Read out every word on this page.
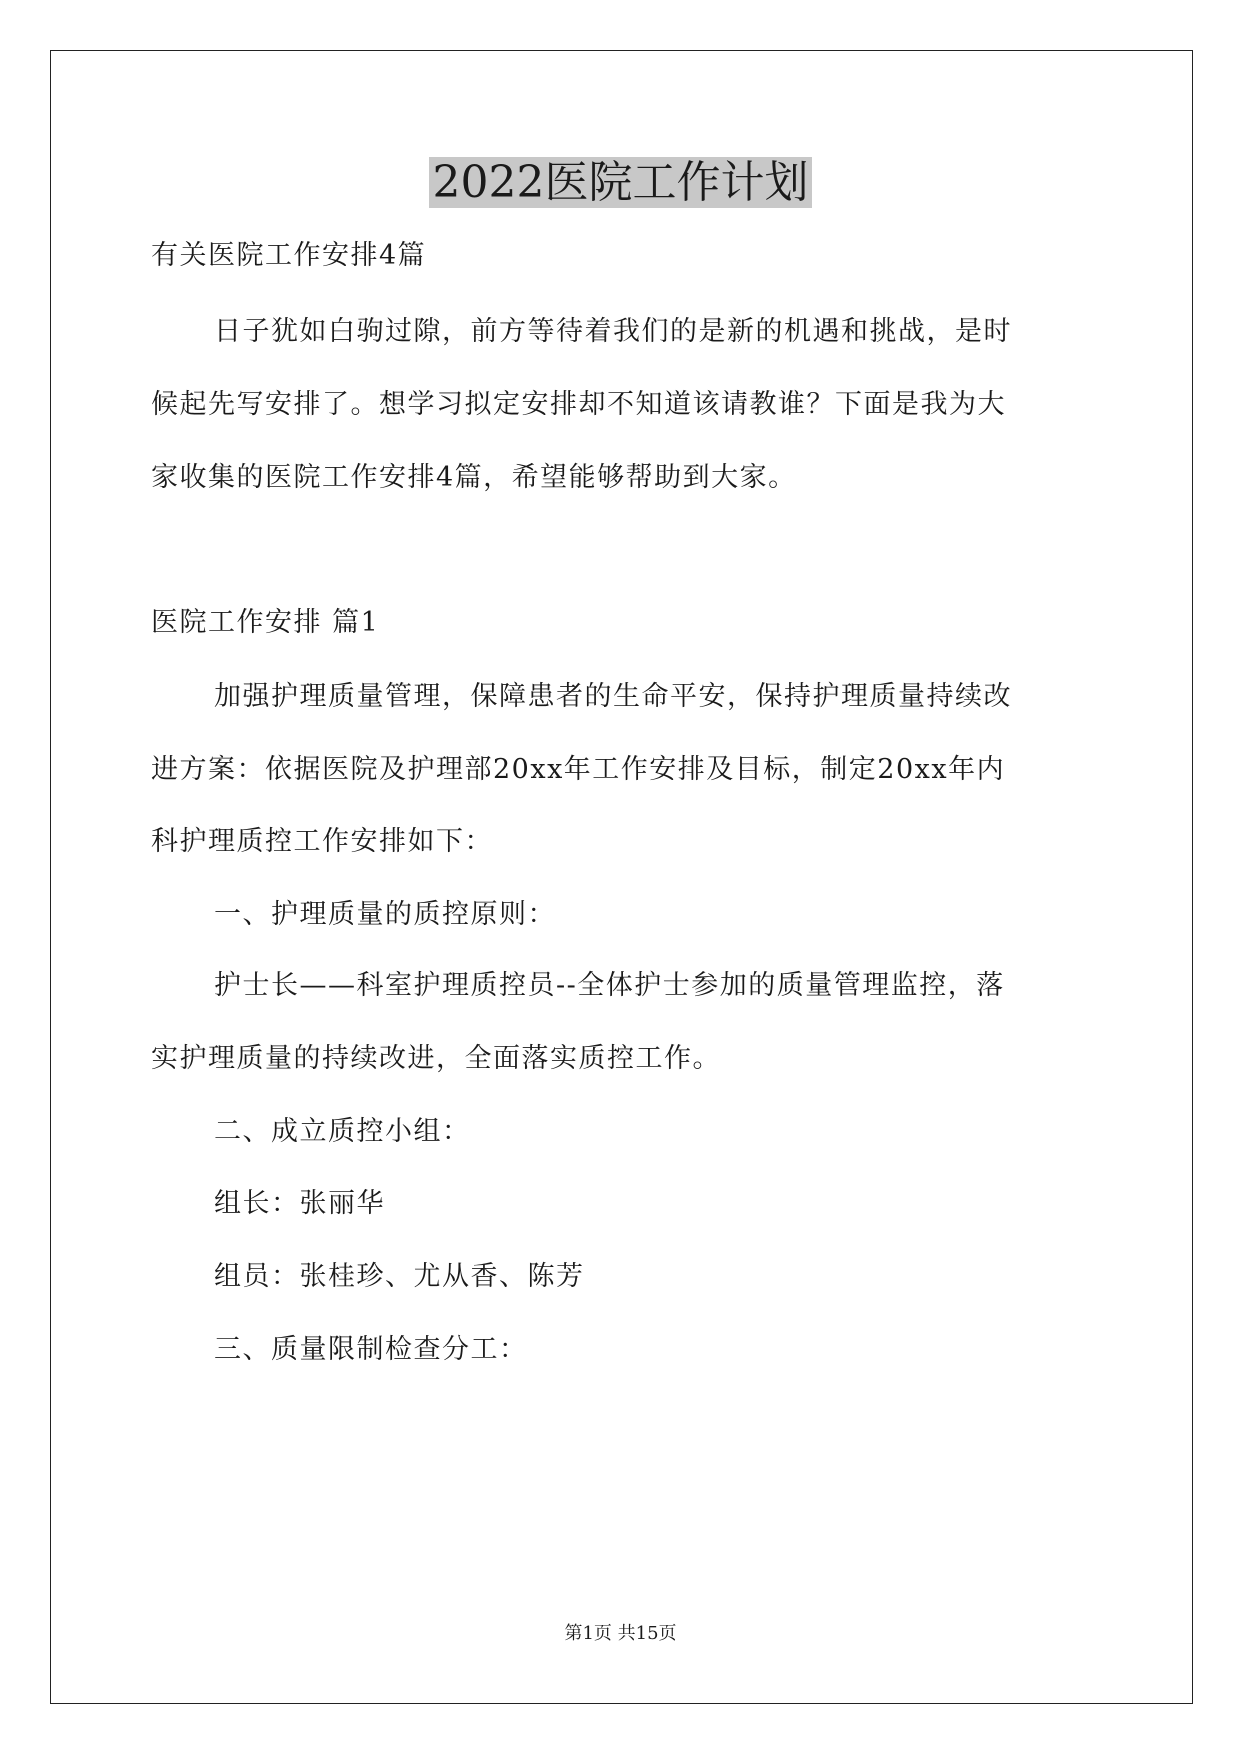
2022医院工作计划
有关医院工作安排4篇
日子犹如白驹过隙，前方等待着我们的是新的机遇和挑战，是时
候起先写安排了。想学习拟定安排却不知道该请教谁？下面是我为大
家收集的医院工作安排4篇，希望能够帮助到大家。
医院工作安排 篇1
加强护理质量管理，保障患者的生命平安，保持护理质量持续改
进方案：依据医院及护理部20xx年工作安排及目标，制定20xx年内
科护理质控工作安排如下：
一、护理质量的质控原则：
护士长——科室护理质控员--全体护士参加的质量管理监控，落
实护理质量的持续改进，全面落实质控工作。
二、成立质控小组：
组长：张丽华
组员：张桂珍、尤从香、陈芳
三、质量限制检查分工：
第1页 共15页
